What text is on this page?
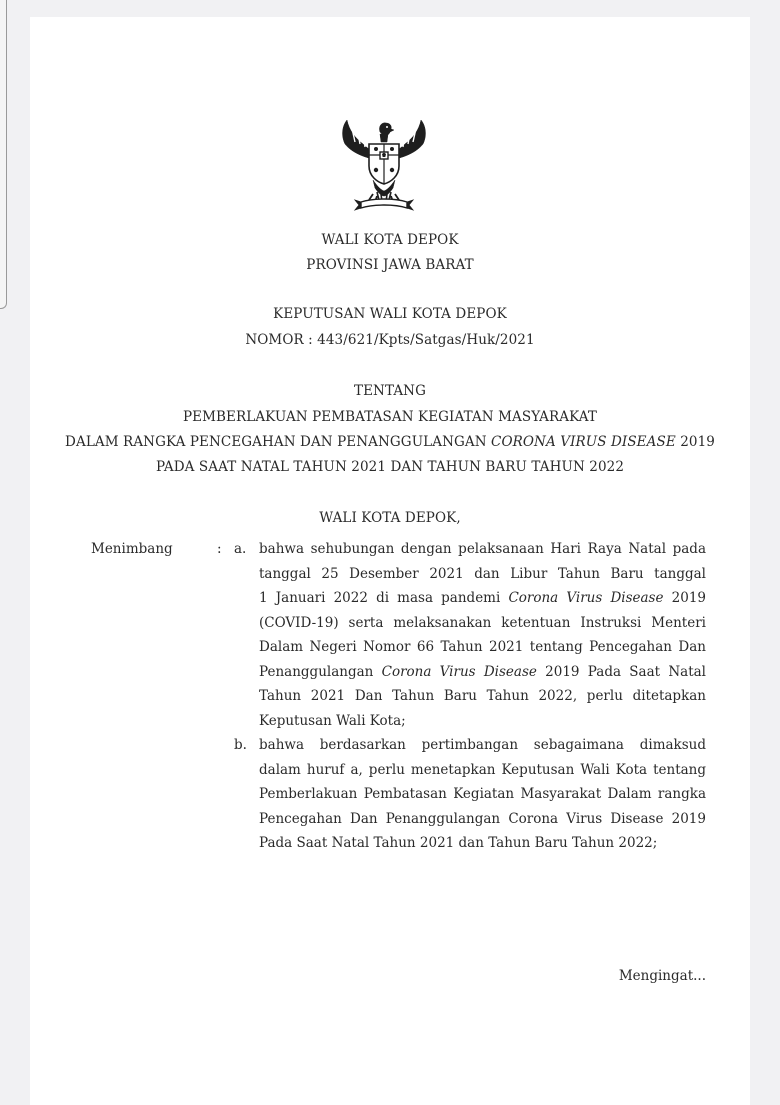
WALI KOTA DEPOK
PROVINSI JAWA BARAT
KEPUTUSAN WALI KOTA DEPOK
NOMOR : 443/621/Kpts/Satgas/Huk/2021
TENTANG
PEMBERLAKUAN PEMBATASAN KEGIATAN MASYARAKAT
DALAM RANGKA PENCEGAHAN DAN PENANGGULANGAN CORONA VIRUS DISEASE 2019
PADA SAAT NATAL TAHUN 2021 DAN TAHUN BARU TAHUN 2022
WALI KOTA DEPOK,
Menimbang	: a. bahwa sehubungan dengan pelaksanaan Hari Raya Natal pada
tanggal 25 Desember 2021 dan Libur Tahun Baru tanggal
1 Januari 2022 di masa pandemi Corona Virus Disease 2019
(COVID-19) serta melaksanakan ketentuan Instruksi Menteri
Dalam Negeri Nomor 66 Tahun 2021 tentang Pencegahan Dan
Penanggulangan Corona Virus Disease 2019 Pada Saat Natal
Tahun 2021 Dan Tahun Baru Tahun 2022, perlu ditetapkan
Keputusan Wali Kota;
b. bahwa berdasarkan pertimbangan sebagaimana dimaksud
dalam huruf a, perlu menetapkan Keputusan Wali Kota tentang
Pemberlakuan Pembatasan Kegiatan Masyarakat Dalam rangka
Pencegahan Dan Penanggulangan Corona Virus Disease 2019
Pada Saat Natal Tahun 2021 dan Tahun Baru Tahun 2022;
Mengingat...
